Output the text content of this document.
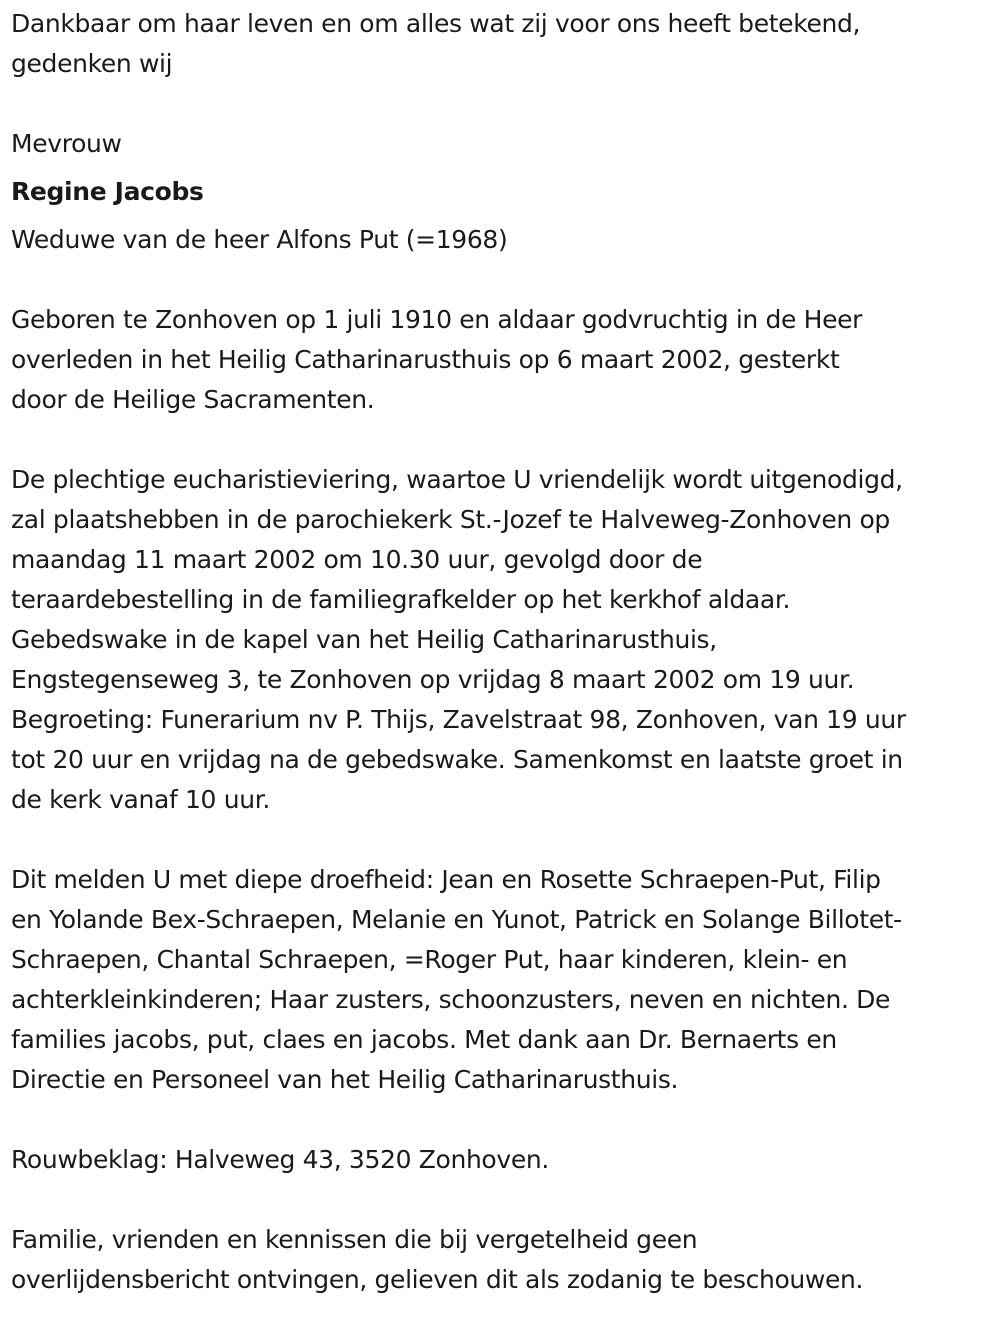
Dankbaar om haar leven en om alles wat zij voor ons heeft betekend,

gedenken wij

Mevrouw

Regine Jacobs

Weduwe van de heer Alfons Put (=1968)

Geboren te Zonhoven op 1 juli 1910 en aldaar godvruchtig in de Heer

overleden in het Heilig Catharinarusthuis op 6 maart 2002, gesterkt

door de Heilige Sacramenten.

De plechtige eucharistieviering, waartoe U vriendelijk wordt uitgenodigd,

zal plaatshebben in de parochiekerk St.-Jozef te Halveweg-Zonhoven op

maandag 11 maart 2002 om 10.30 uur, gevolgd door de

teraardebestelling in de familiegrafkelder op het kerkhof aldaar.

Gebedswake in de kapel van het Heilig Catharinarusthuis,

Engstegenseweg 3, te Zonhoven op vrijdag 8 maart 2002 om 19 uur.

Begroeting: Funerarium nv P. Thijs, Zavelstraat 98, Zonhoven, van 19 uur

tot 20 uur en vrijdag na de gebedswake. Samenkomst en laatste groet in

de kerk vanaf 10 uur.

Dit melden U met diepe droefheid: Jean en Rosette Schraepen-Put, Filip

en Yolande Bex-Schraepen, Melanie en Yunot, Patrick en Solange Billotet-

Schraepen, Chantal Schraepen, =Roger Put, haar kinderen, klein- en

achterkleinkinderen; Haar zusters, schoonzusters, neven en nichten. De

families jacobs, put, claes en jacobs. Met dank aan Dr. Bernaerts en

Directie en Personeel van het Heilig Catharinarusthuis.

Rouwbeklag: Halveweg 43, 3520 Zonhoven.

Familie, vrienden en kennissen die bij vergetelheid geen

overlijdensbericht ontvingen, gelieven dit als zodanig te beschouwen.
